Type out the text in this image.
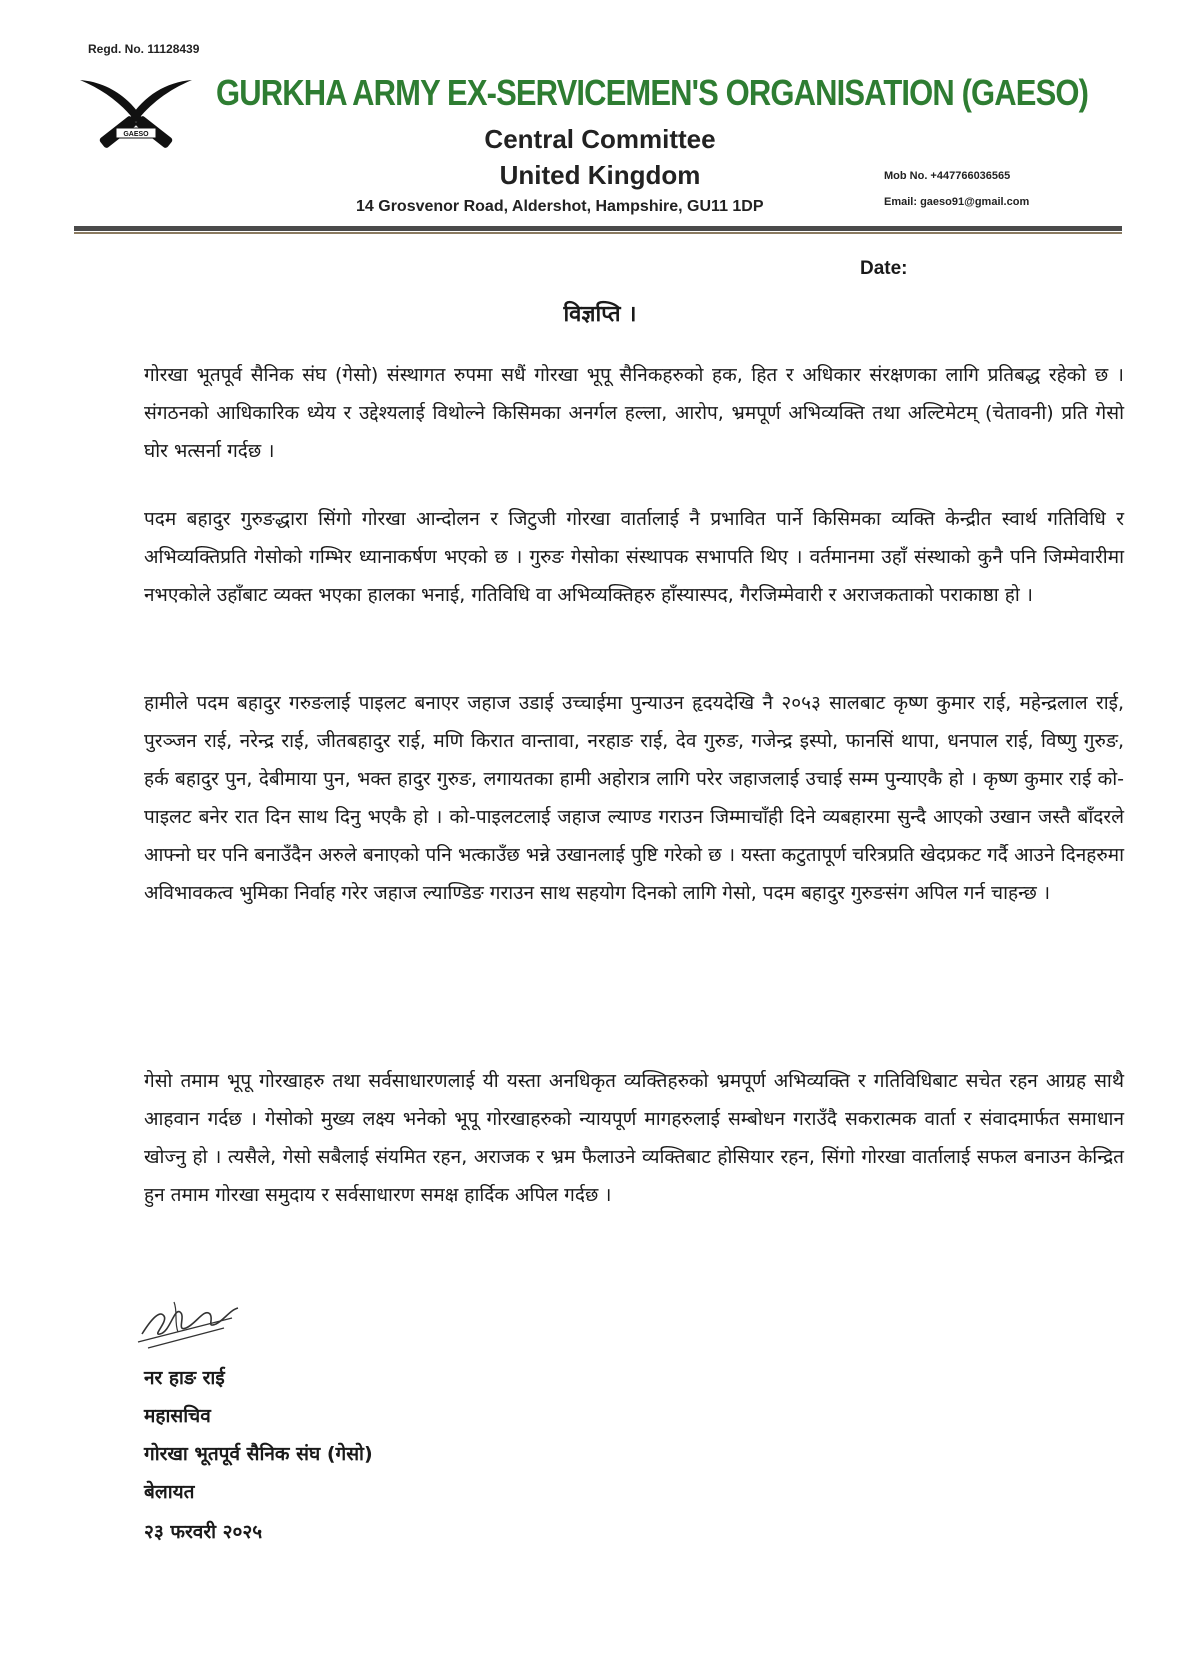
Regd. No. 11128439
GAESO
GURKHA ARMY EX-SERVICEMEN'S ORGANISATION (GAESO)
Central Committee
United Kingdom
14 Grosvenor Road, Aldershot, Hampshire, GU11 1DP
Mob No. +447766036565
Email: gaeso91@gmail.com
Date:
विज्ञप्ति ।
गोरखा भूतपूर्व सैनिक संघ (गेसो) संस्थागत रुपमा सधैं गोरखा भूपू सैनिकहरुको हक, हित र अधिकार संरक्षणका लागि प्रतिबद्ध रहेको छ । संगठनको आधिकारिक ध्येय र उद्देश्यलाई विथोल्ने किसिमका अनर्गल हल्ला, आरोप, भ्रमपूर्ण अभिव्यक्ति तथा अल्टिमेटम् (चेतावनी) प्रति गेसो घोर भत्सर्ना गर्दछ ।
पदम बहादुर गुरुङद्धारा सिंगो गोरखा आन्दोलन र जिटुजी गोरखा वार्तालाई नै प्रभावित पार्ने किसिमका व्यक्ति केन्द्रीत स्वार्थ गतिविधि र अभिव्यक्तिप्रति गेसोको गम्भिर ध्यानाकर्षण भएको छ । गुरुङ गेसोका संस्थापक सभापति थिए । वर्तमानमा उहाँ संस्थाको कुनै पनि जिम्मेवारीमा नभएकोले उहाँबाट व्यक्त भएका हालका भनाई, गतिविधि वा अभिव्यक्तिहरु हाँस्यास्पद, गैरजिम्मेवारी र अराजकताको पराकाष्ठा हो ।
हामीले पदम बहादुर गरुङलाई पाइलट बनाएर जहाज उडाई उच्चाईमा पुन्याउन हृदयदेखि नै २०५३ सालबाट कृष्ण कुमार राई, महेन्द्रलाल राई, पुरञ्जन राई, नरेन्द्र राई, जीतबहादुर राई, मणि किरात वान्तावा, नरहाङ राई, देव गुरुङ, गजेन्द्र इस्पो, फानसिं थापा, धनपाल राई, विष्णु गुरुङ, हर्क बहादुर पुन, देबीमाया पुन, भक्त हादुर गुरुङ, लगायतका हामी अहोरात्र लागि परेर जहाजलाई उचाई सम्म पुन्याएकै हो । कृष्ण कुमार राई को-पाइलट बनेर रात दिन साथ दिनु भएकै हो । को-पाइलटलाई जहाज ल्याण्ड गराउन जिम्माचाँही दिने व्यबहारमा सुन्दै आएको उखान जस्तै बाँदरले आफ्नो घर पनि बनाउँदैन अरुले बनाएको पनि भत्काउँछ भन्ने उखानलाई पुष्टि गरेको छ । यस्ता कटुतापूर्ण चरित्रप्रति खेदप्रकट गर्दै आउने दिनहरुमा अविभावकत्व भुमिका निर्वाह गरेर जहाज ल्याण्डिङ गराउन साथ सहयोग दिनको लागि गेसो, पदम बहादुर गुरुङसंग अपिल गर्न चाहन्छ ।
गेसो तमाम भूपू गोरखाहरु तथा सर्वसाधारणलाई यी यस्ता अनधिकृत व्यक्तिहरुको भ्रमपूर्ण अभिव्यक्ति र गतिविधिबाट सचेत रहन आग्रह साथै आहवान गर्दछ । गेसोको मुख्य लक्ष्य भनेको भूपू गोरखाहरुको न्यायपूर्ण मागहरुलाई सम्बोधन गराउँदै सकरात्मक वार्ता र संवादमार्फत समाधान खोज्नु हो । त्यसैले, गेसो सबैलाई संयमित रहन, अराजक र भ्रम फैलाउने व्यक्तिबाट होसियार रहन, सिंगो गोरखा वार्तालाई सफल बनाउन केन्द्रित हुन तमाम गोरखा समुदाय र सर्वसाधारण समक्ष हार्दिक अपिल गर्दछ ।
नर हाङ राई
महासचिव
गोरखा भूतपूर्व सैनिक संघ (गेसो)
बेलायत
२३ फरवरी २०२५
